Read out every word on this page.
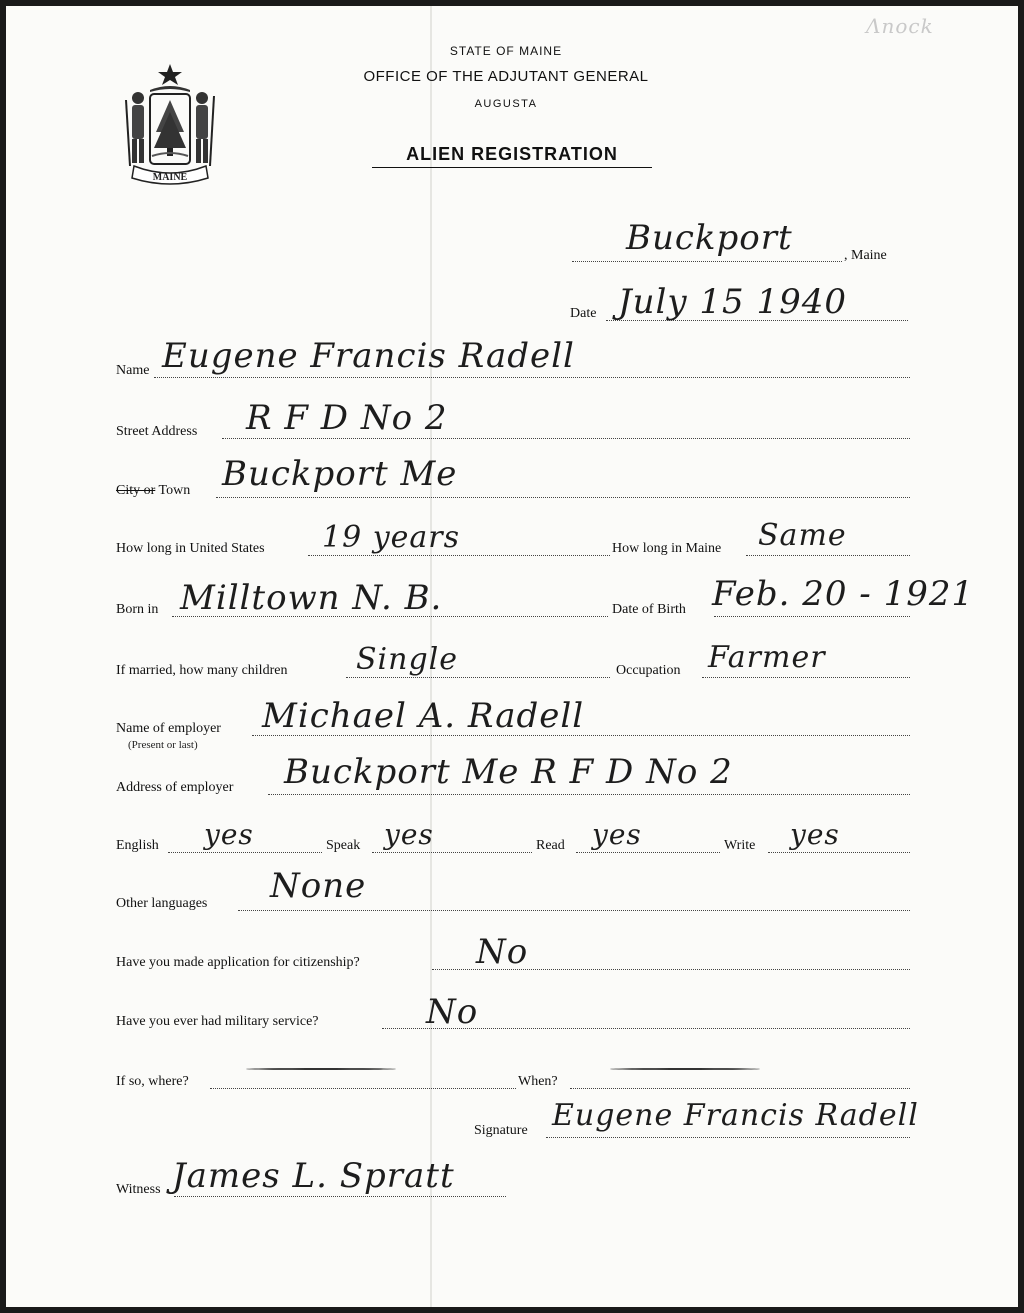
Ʌnock
MAINE
STATE OF MAINE
OFFICE OF THE ADJUTANT GENERAL
AUGUSTA
ALIEN REGISTRATION
Buckport	, Maine
Date July 15 1940
Name Eugene Francis Radell
Street Address R F D No 2
City or Town Buckport Me
How long in United States 19 years	How long in Maine Same
Born in Milltown N. B.	Date of Birth Feb. 20 - 1921
If married, how many children Single	Occupation Farmer
Name of employer
(Present or last)
Michael A. Radell
Address of employer Buckport Me R F D No 2
English yes	Speak yes	Read yes	Write yes
Other languages None
Have you made application for citizenship?	No
Have you ever had military service?	No
If so, where?	When?
Signature Eugene Francis Radell
Witness James L. Spratt
